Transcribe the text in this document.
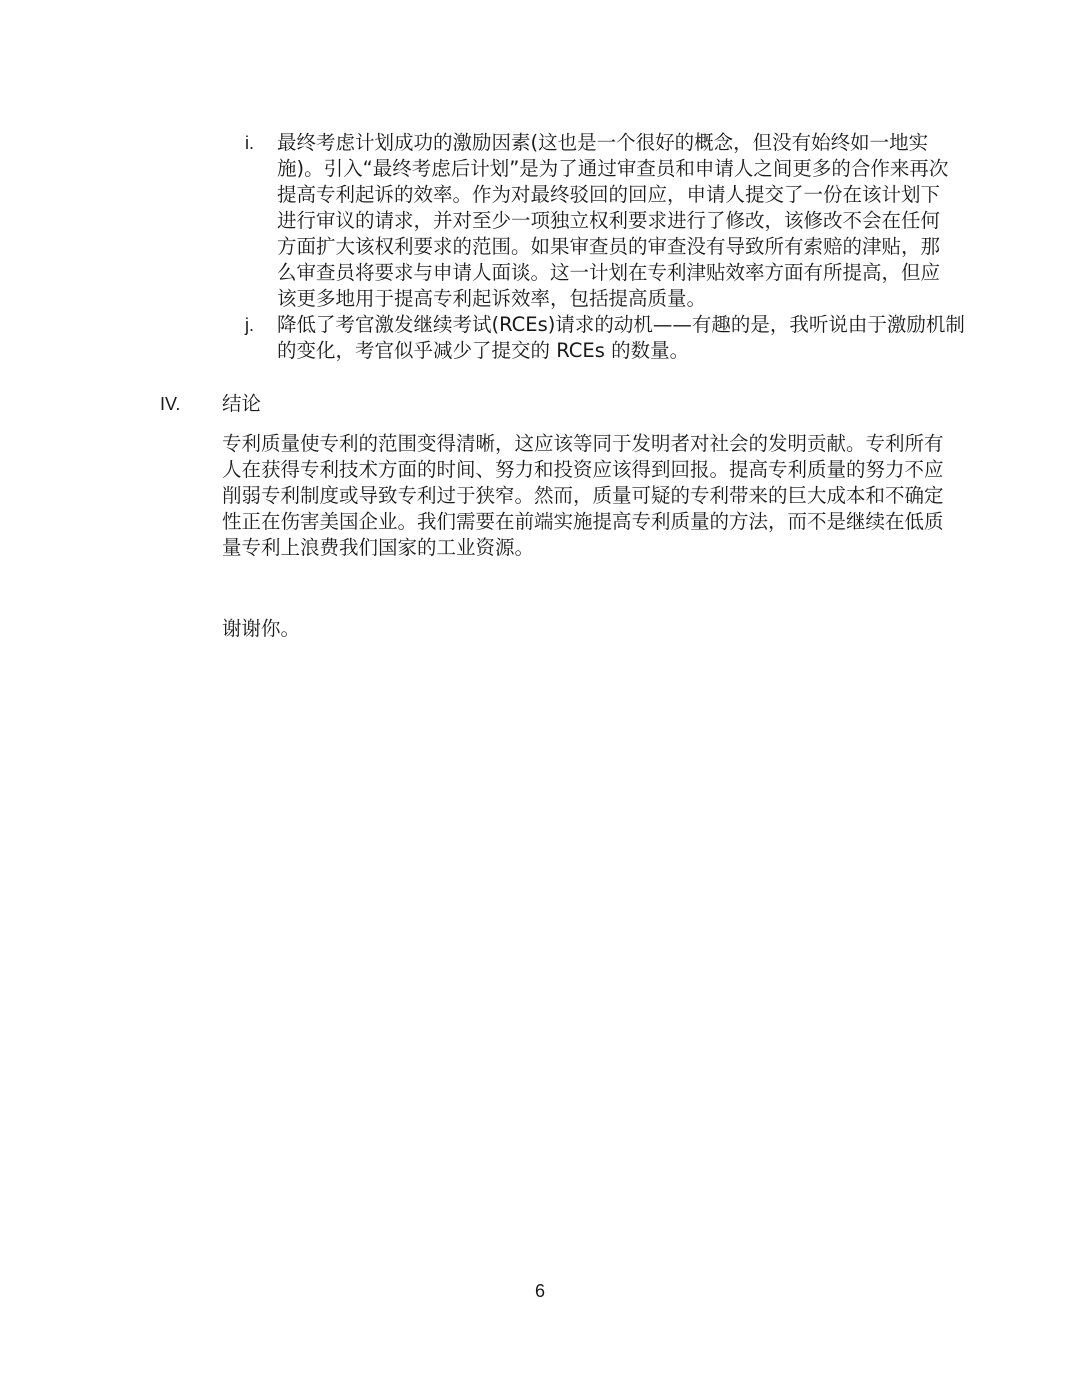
i. 最终考虑计划成功的激励因素(这也是一个很好的概念，但没有始终如一地实
施)。引入“最终考虑后计划”是为了通过审查员和申请人之间更多的合作来再次
提高专利起诉的效率。作为对最终驳回的回应，申请人提交了一份在该计划下
进行审议的请求，并对至少一项独立权利要求进行了修改，该修改不会在任何
方面扩大该权利要求的范围。如果审查员的审查没有导致所有索赔的津贴，那
么审查员将要求与申请人面谈。这一计划在专利津贴效率方面有所提高，但应
该更多地用于提高专利起诉效率，包括提高质量。
j. 降低了考官激发继续考试(RCEs)请求的动机——有趣的是，我听说由于激励机制
的变化，考官似乎减少了提交的 RCEs 的数量。
IV. 结论
专利质量使专利的范围变得清晰，这应该等同于发明者对社会的发明贡献。专利所有
人在获得专利技术方面的时间、努力和投资应该得到回报。提高专利质量的努力不应
削弱专利制度或导致专利过于狭窄。然而，质量可疑的专利带来的巨大成本和不确定
性正在伤害美国企业。我们需要在前端实施提高专利质量的方法，而不是继续在低质
量专利上浪费我们国家的工业资源。
谢谢你。
6
